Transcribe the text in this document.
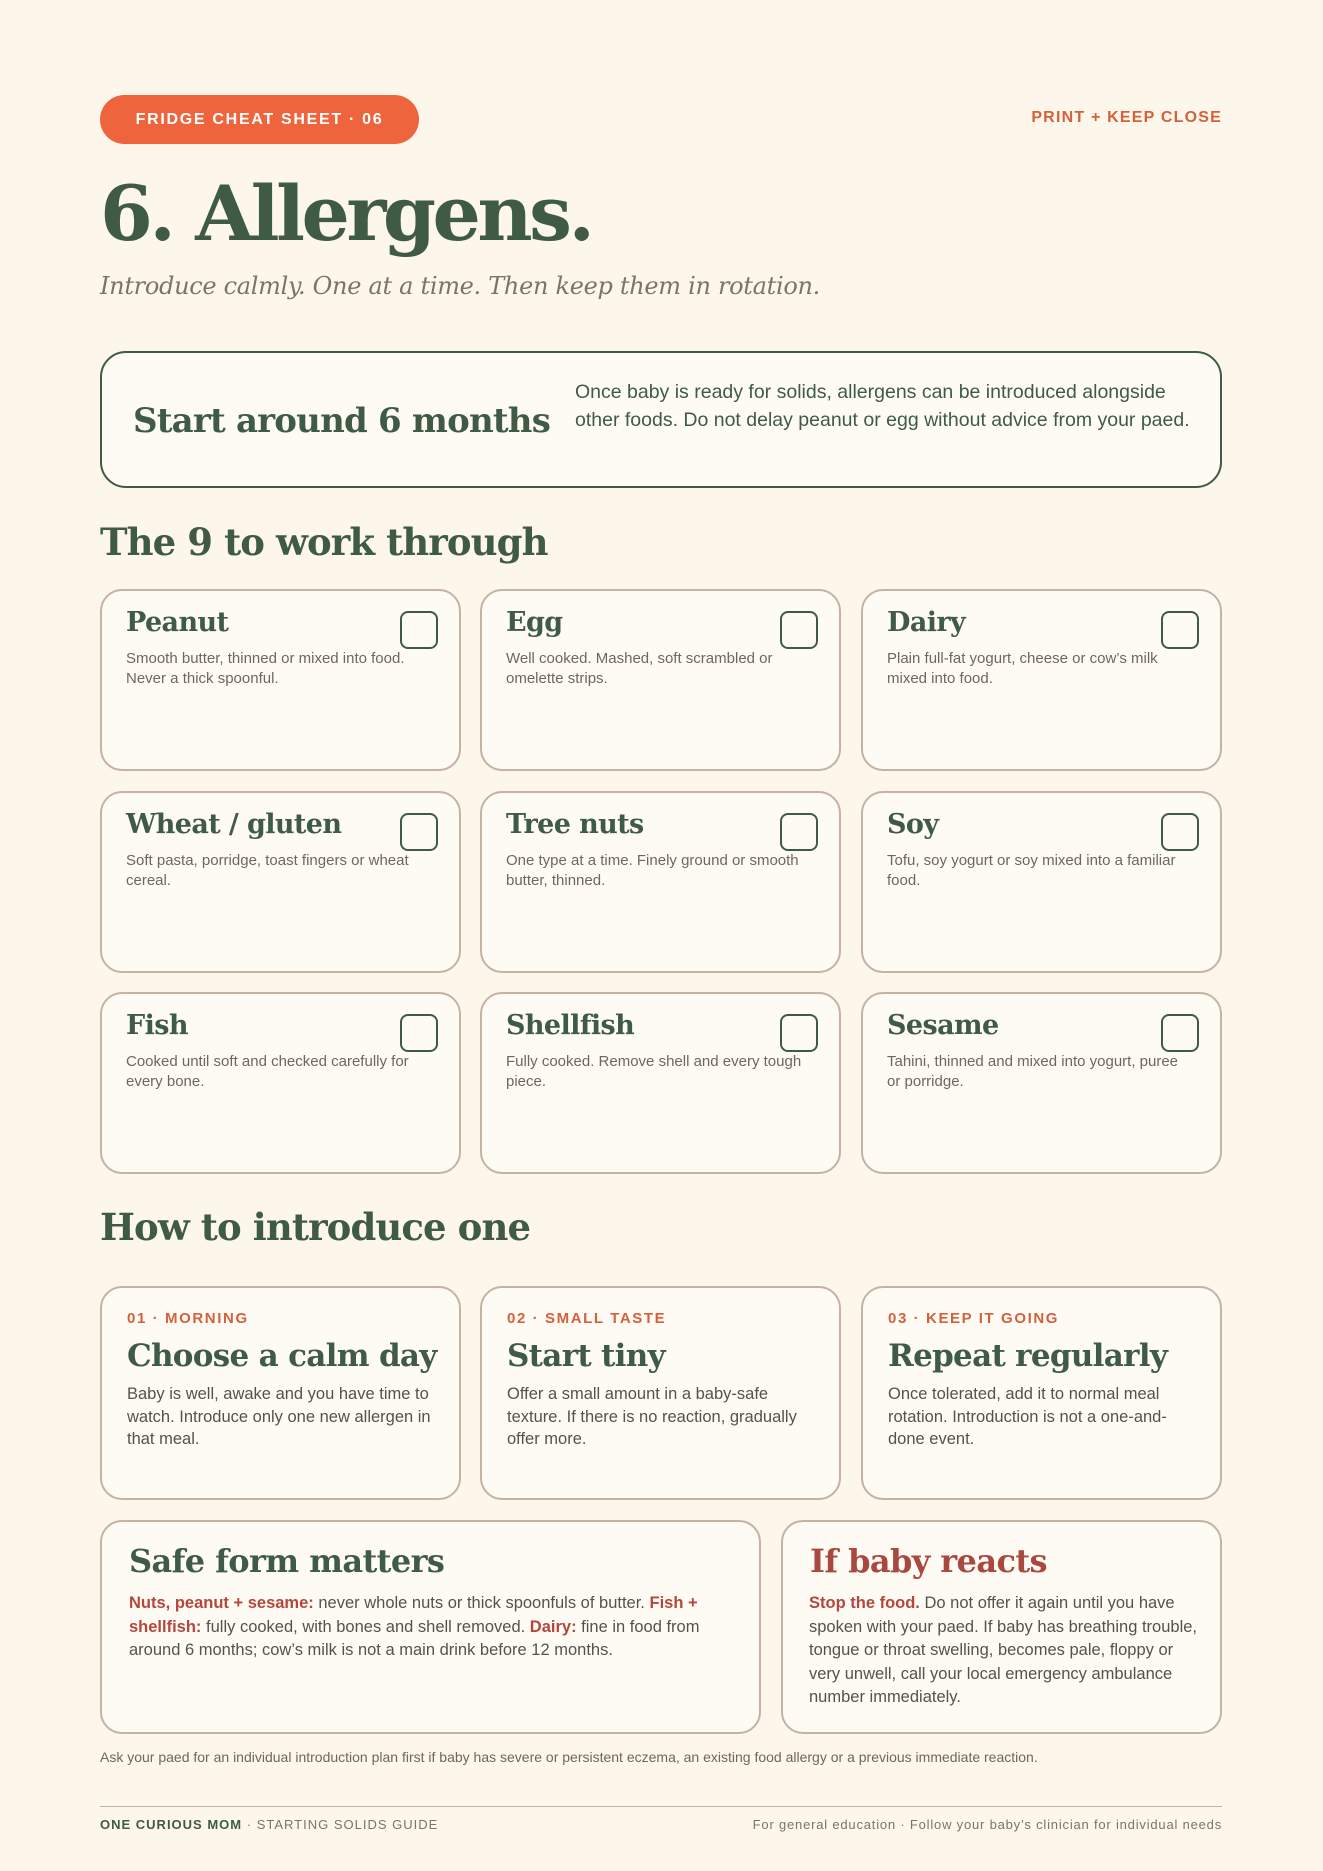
FRIDGE CHEAT SHEET · 06	PRINT + KEEP CLOSE
6. Allergens.
Introduce calmly. One at a time. Then keep them in rotation.
Start around 6 months
Once baby is ready for solids, allergens can be introduced alongside other foods. Do not delay peanut or egg without advice from your paed.
The 9 to work through
Peanut
Smooth butter, thinned or mixed into food. Never a thick spoonful.
Egg
Well cooked. Mashed, soft scrambled or omelette strips.
Dairy
Plain full-fat yogurt, cheese or cow’s milk mixed into food.
Wheat / gluten
Soft pasta, porridge, toast fingers or wheat cereal.
Tree nuts
One type at a time. Finely ground or smooth butter, thinned.
Soy
Tofu, soy yogurt or soy mixed into a familiar food.
Fish
Cooked until soft and checked carefully for every bone.
Shellfish
Fully cooked. Remove shell and every tough piece.
Sesame
Tahini, thinned and mixed into yogurt, puree or porridge.
How to introduce one
01 · MORNING
Choose a calm day
Baby is well, awake and you have time to watch. Introduce only one new allergen in that meal.
02 · SMALL TASTE
Start tiny
Offer a small amount in a baby-safe texture. If there is no reaction, gradually offer more.
03 · KEEP IT GOING
Repeat regularly
Once tolerated, add it to normal meal rotation. Introduction is not a one-and-done event.
Safe form matters

Nuts, peanut + sesame: never whole nuts or thick spoonfuls of butter. Fish + shellfish: fully cooked, with bones and shell removed. Dairy: fine in food from around 6 months; cow’s milk is not a main drink before 12 months.

If baby reacts

Stop the food. Do not offer it again until you have spoken with your paed. If baby has breathing trouble, tongue or throat swelling, becomes pale, floppy or very unwell, call your local emergency ambulance number immediately.

Ask your paed for an individual introduction plan first if baby has severe or persistent eczema, an existing food allergy or a previous immediate reaction.
ONE CURIOUS MOM · STARTING SOLIDS GUIDE	For general education · Follow your baby’s clinician for individual needs
